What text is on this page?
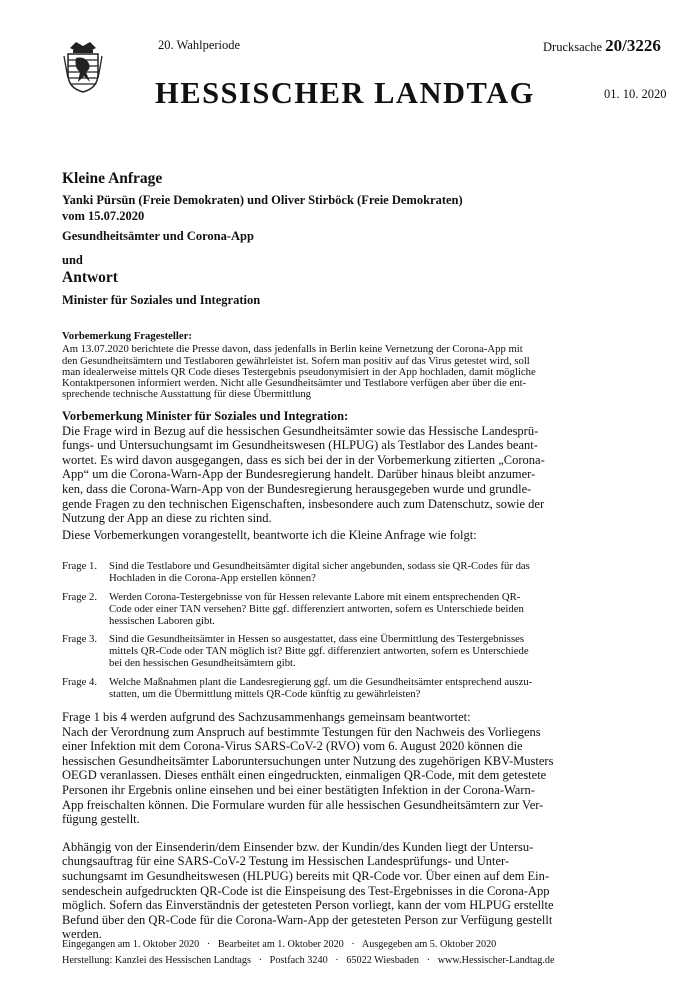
20. Wahlperiode	Drucksache 20/3226
HESSISCHER LANDTAG	01. 10. 2020
Kleine Anfrage
Yanki Pürsün (Freie Demokraten) und Oliver Stirböck (Freie Demokraten)
vom 15.07.2020
Gesundheitsämter und Corona-App
und
Antwort
Minister für Soziales und Integration
Vorbemerkung Fragesteller:
Am 13.07.2020 berichtete die Presse davon, dass jedenfalls in Berlin keine Vernetzung der Corona-App mit
den Gesundheitsämtern und Testlaboren gewährleistet ist. Sofern man positiv auf das Virus getestet wird, soll
man idealerweise mittels QR Code dieses Testergebnis pseudonymisiert in der App hochladen, damit mögliche
Kontaktpersonen informiert werden. Nicht alle Gesundheitsämter und Testlabore verfügen aber über die ent-
sprechende technische Ausstattung für diese Übermittlung
Vorbemerkung Minister für Soziales und Integration:
Die Frage wird in Bezug auf die hessischen Gesundheitsämter sowie das Hessische Landesprü-
fungs- und Untersuchungsamt im Gesundheitswesen (HLPUG) als Testlabor des Landes beant-
wortet. Es wird davon ausgegangen, dass es sich bei der in der Vorbemerkung zitierten „Corona-
App“ um die Corona-Warn-App der Bundesregierung handelt. Darüber hinaus bleibt anzumer-
ken, dass die Corona-Warn-App von der Bundesregierung herausgegeben wurde und grundle-
gende Fragen zu den technischen Eigenschaften, insbesondere auch zum Datenschutz, sowie der
Nutzung der App an diese zu richten sind.
Diese Vorbemerkungen vorangestellt, beantworte ich die Kleine Anfrage wie folgt:
Frage 1.	Sind die Testlabore und Gesundheitsämter digital sicher angebunden, sodass sie QR-Codes für das
Hochladen in die Corona-App erstellen können?
Frage 2.	Werden Corona-Testergebnisse von für Hessen relevante Labore mit einem entsprechenden QR-
Code oder einer TAN versehen? Bitte ggf. differenziert antworten, sofern es Unterschiede beiden
hessischen Laboren gibt.
Frage 3.	Sind die Gesundheitsämter in Hessen so ausgestattet, dass eine Übermittlung des Testergebnisses
mittels QR-Code oder TAN möglich ist? Bitte ggf. differenziert antworten, sofern es Unterschiede
bei den hessischen Gesundheitsämtern gibt.
Frage 4.	Welche Maßnahmen plant die Landesregierung ggf. um die Gesundheitsämter entsprechend auszu-
statten, um die Übermittlung mittels QR-Code künftig zu gewährleisten?
Frage 1 bis 4 werden aufgrund des Sachzusammenhangs gemeinsam beantwortet:
Nach der Verordnung zum Anspruch auf bestimmte Testungen für den Nachweis des Vorliegens
einer Infektion mit dem Corona-Virus SARS-CoV-2 (RVO) vom 6. August 2020 können die
hessischen Gesundheitsämter Laboruntersuchungen unter Nutzung des zugehörigen KBV-Musters
OEGD veranlassen. Dieses enthält einen eingedruckten, einmaligen QR-Code, mit dem getestete
Personen ihr Ergebnis online einsehen und bei einer bestätigten Infektion in der Corona-Warn-
App freischalten können. Die Formulare wurden für alle hessischen Gesundheitsämtern zur Ver-
fügung gestellt.
Abhängig von der Einsenderin/dem Einsender bzw. der Kundin/des Kunden liegt der Untersu-
chungsauftrag für eine SARS-CoV-2 Testung im Hessischen Landesprüfungs- und Unter-
suchungsamt im Gesundheitswesen (HLPUG) bereits mit QR-Code vor. Über einen auf dem Ein-
sendeschein aufgedruckten QR-Code ist die Einspeisung des Test-Ergebnisses in die Corona-App
möglich. Sofern das Einverständnis der getesteten Person vorliegt, kann der vom HLPUG erstellte
Befund über den QR-Code für die Corona-Warn-App der getesteten Person zur Verfügung gestellt
werden.
Eingegangen am 1. Oktober 2020   ·   Bearbeitet am 1. Oktober 2020   ·   Ausgegeben am 5. Oktober 2020
Herstellung: Kanzlei des Hessischen Landtags   ·   Postfach 3240   ·   65022 Wiesbaden   ·   www.Hessischer-Landtag.de
